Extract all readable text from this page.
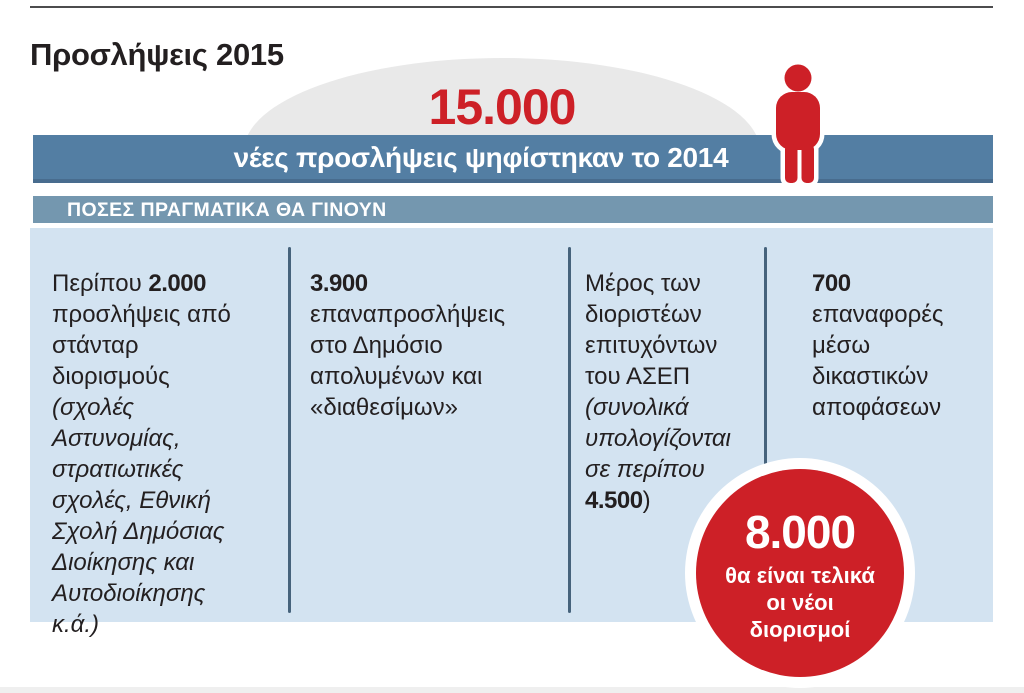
Προσλήψεις 2015
15.000
νέες προσλήψεις ψηφίστηκαν το 2014
ΠΟΣΕΣ ΠΡΑΓΜΑΤΙΚΑ ΘΑ ΓΙΝΟΥΝ

Περίπου 2.000 προσλήψεις από στάνταρ διορισμούς (σχολές Αστυνομίας, στρατιωτικές σχολές, Εθνική Σχολή Δημόσιας Διοίκησης και Αυτοδιοίκησης κ.ά.)

3.900 επαναπροσλήψεις στο Δημόσιο απολυμένων και «διαθεσίμων»

Μέρος των διοριστέων επιτυχόντων του ΑΣΕΠ (συνολικά υπολογίζονται σε περίπου 4.500)

700 επαναφορές μέσω δικαστικών αποφάσεων

8.000
θα είναι τελικά οι νέοι διορισμοί
